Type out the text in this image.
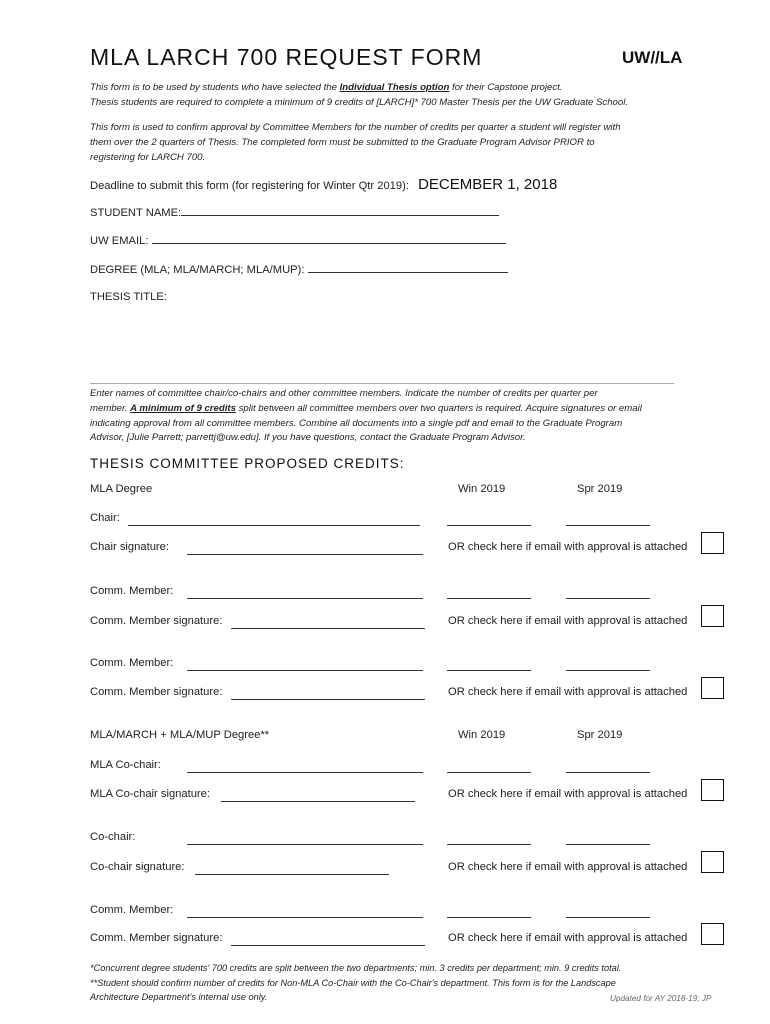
MLA LARCH 700 REQUEST FORM	UW//LA
This form is to be used by students who have selected the Individual Thesis option for their Capstone project.
Thesis students are required to complete a minimum of 9 credits of [LARCH]* 700 Master Thesis per the UW Graduate School.
This form is used to confirm approval by Committee Members for the number of credits per quarter a student will register with
them over the 2 quarters of Thesis. The completed form must be submitted to the Graduate Program Advisor PRIOR to
registering for LARCH 700.
Deadline to submit this form (for registering for Winter Qtr 2019): DECEMBER 1, 2018
STUDENT NAME:
UW EMAIL:
DEGREE (MLA; MLA/MARCH; MLA/MUP):
THESIS TITLE:
Enter names of committee chair/co-chairs and other committee members. Indicate the number of credits per quarter per
member. A minimum of 9 credits split between all committee members over two quarters is required. Acquire signatures or email
indicating approval from all committee members. Combine all documents into a single pdf and email to the Graduate Program
Advisor, [Julie Parrett; parrettj@uw.edu]. If you have questions, contact the Graduate Program Advisor.
THESIS COMMITTEE PROPOSED CREDITS:
MLA Degree	Win 2019	Spr 2019
Chair:
Chair signature:	OR check here if email with approval is attached
Comm. Member:
Comm. Member signature:	OR check here if email with approval is attached
Comm. Member:
Comm. Member signature:	OR check here if email with approval is attached
MLA/MARCH + MLA/MUP Degree**	Win 2019	Spr 2019
MLA Co-chair:
MLA Co-chair signature:	OR check here if email with approval is attached
Co-chair:
Co-chair signature:	OR check here if email with approval is attached
Comm. Member:
Comm. Member signature:	OR check here if email with approval is attached
*Concurrent degree students' 700 credits are split between the two departments; min. 3 credits per department; min. 9 credits total.
**Student should confirm number of credits for Non-MLA Co-Chair with the Co-Chair's department. This form is for the Landscape
Architecture Department's internal use only.	Updated for AY 2018-19; JP
